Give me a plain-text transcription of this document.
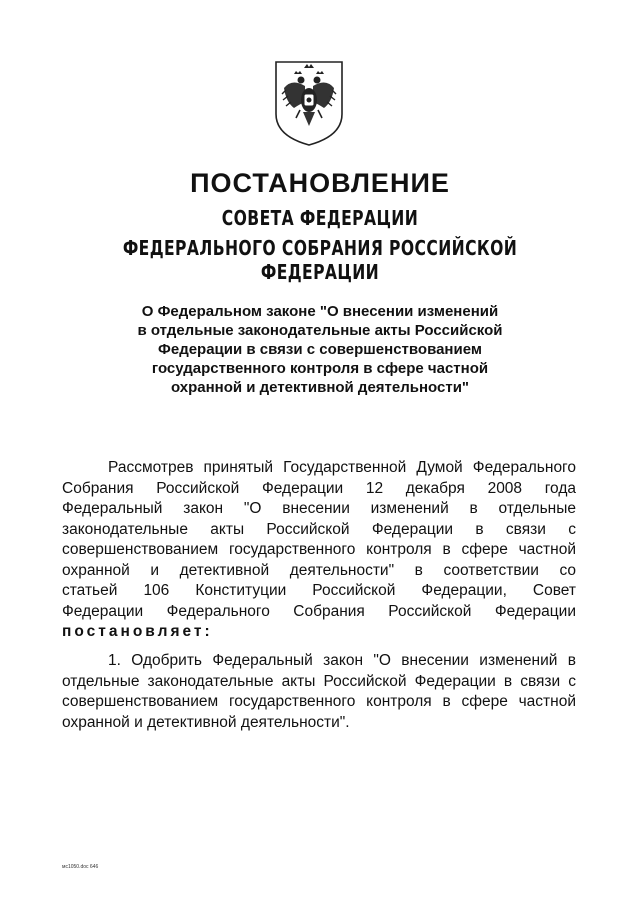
ПОСТАНОВЛЕНИЕ
СОВЕТА ФЕДЕРАЦИИ
ФЕДЕРАЛЬНОГО СОБРАНИЯ РОССИЙСКОЙ ФЕДЕРАЦИИ
О Федеральном законе "О внесении изменений
в отдельные законодательные акты Российской
Федерации в связи с совершенствованием
государственного контроля в сфере частной
охранной и детективной деятельности"
Рассмотрев принятый Государственной Думой Федерального
Собрания Российской Федерации 12 декабря 2008 года
Федеральный закон "О внесении изменений в отдельные
законодательные акты Российской Федерации в связи с
совершенствованием государственного контроля в сфере частной
охранной и детективной деятельности" в соответствии со
статьей 106 Конституции Российской Федерации, Совет
Федерации Федерального Собрания Российской Федерации
постановляет:
1. Одобрить Федеральный закон "О внесении изменений в
отдельные законодательные акты Российской Федерации в связи с
совершенствованием государственного контроля в сфере частной
охранной и детективной деятельности".
мс1050.doc 646
